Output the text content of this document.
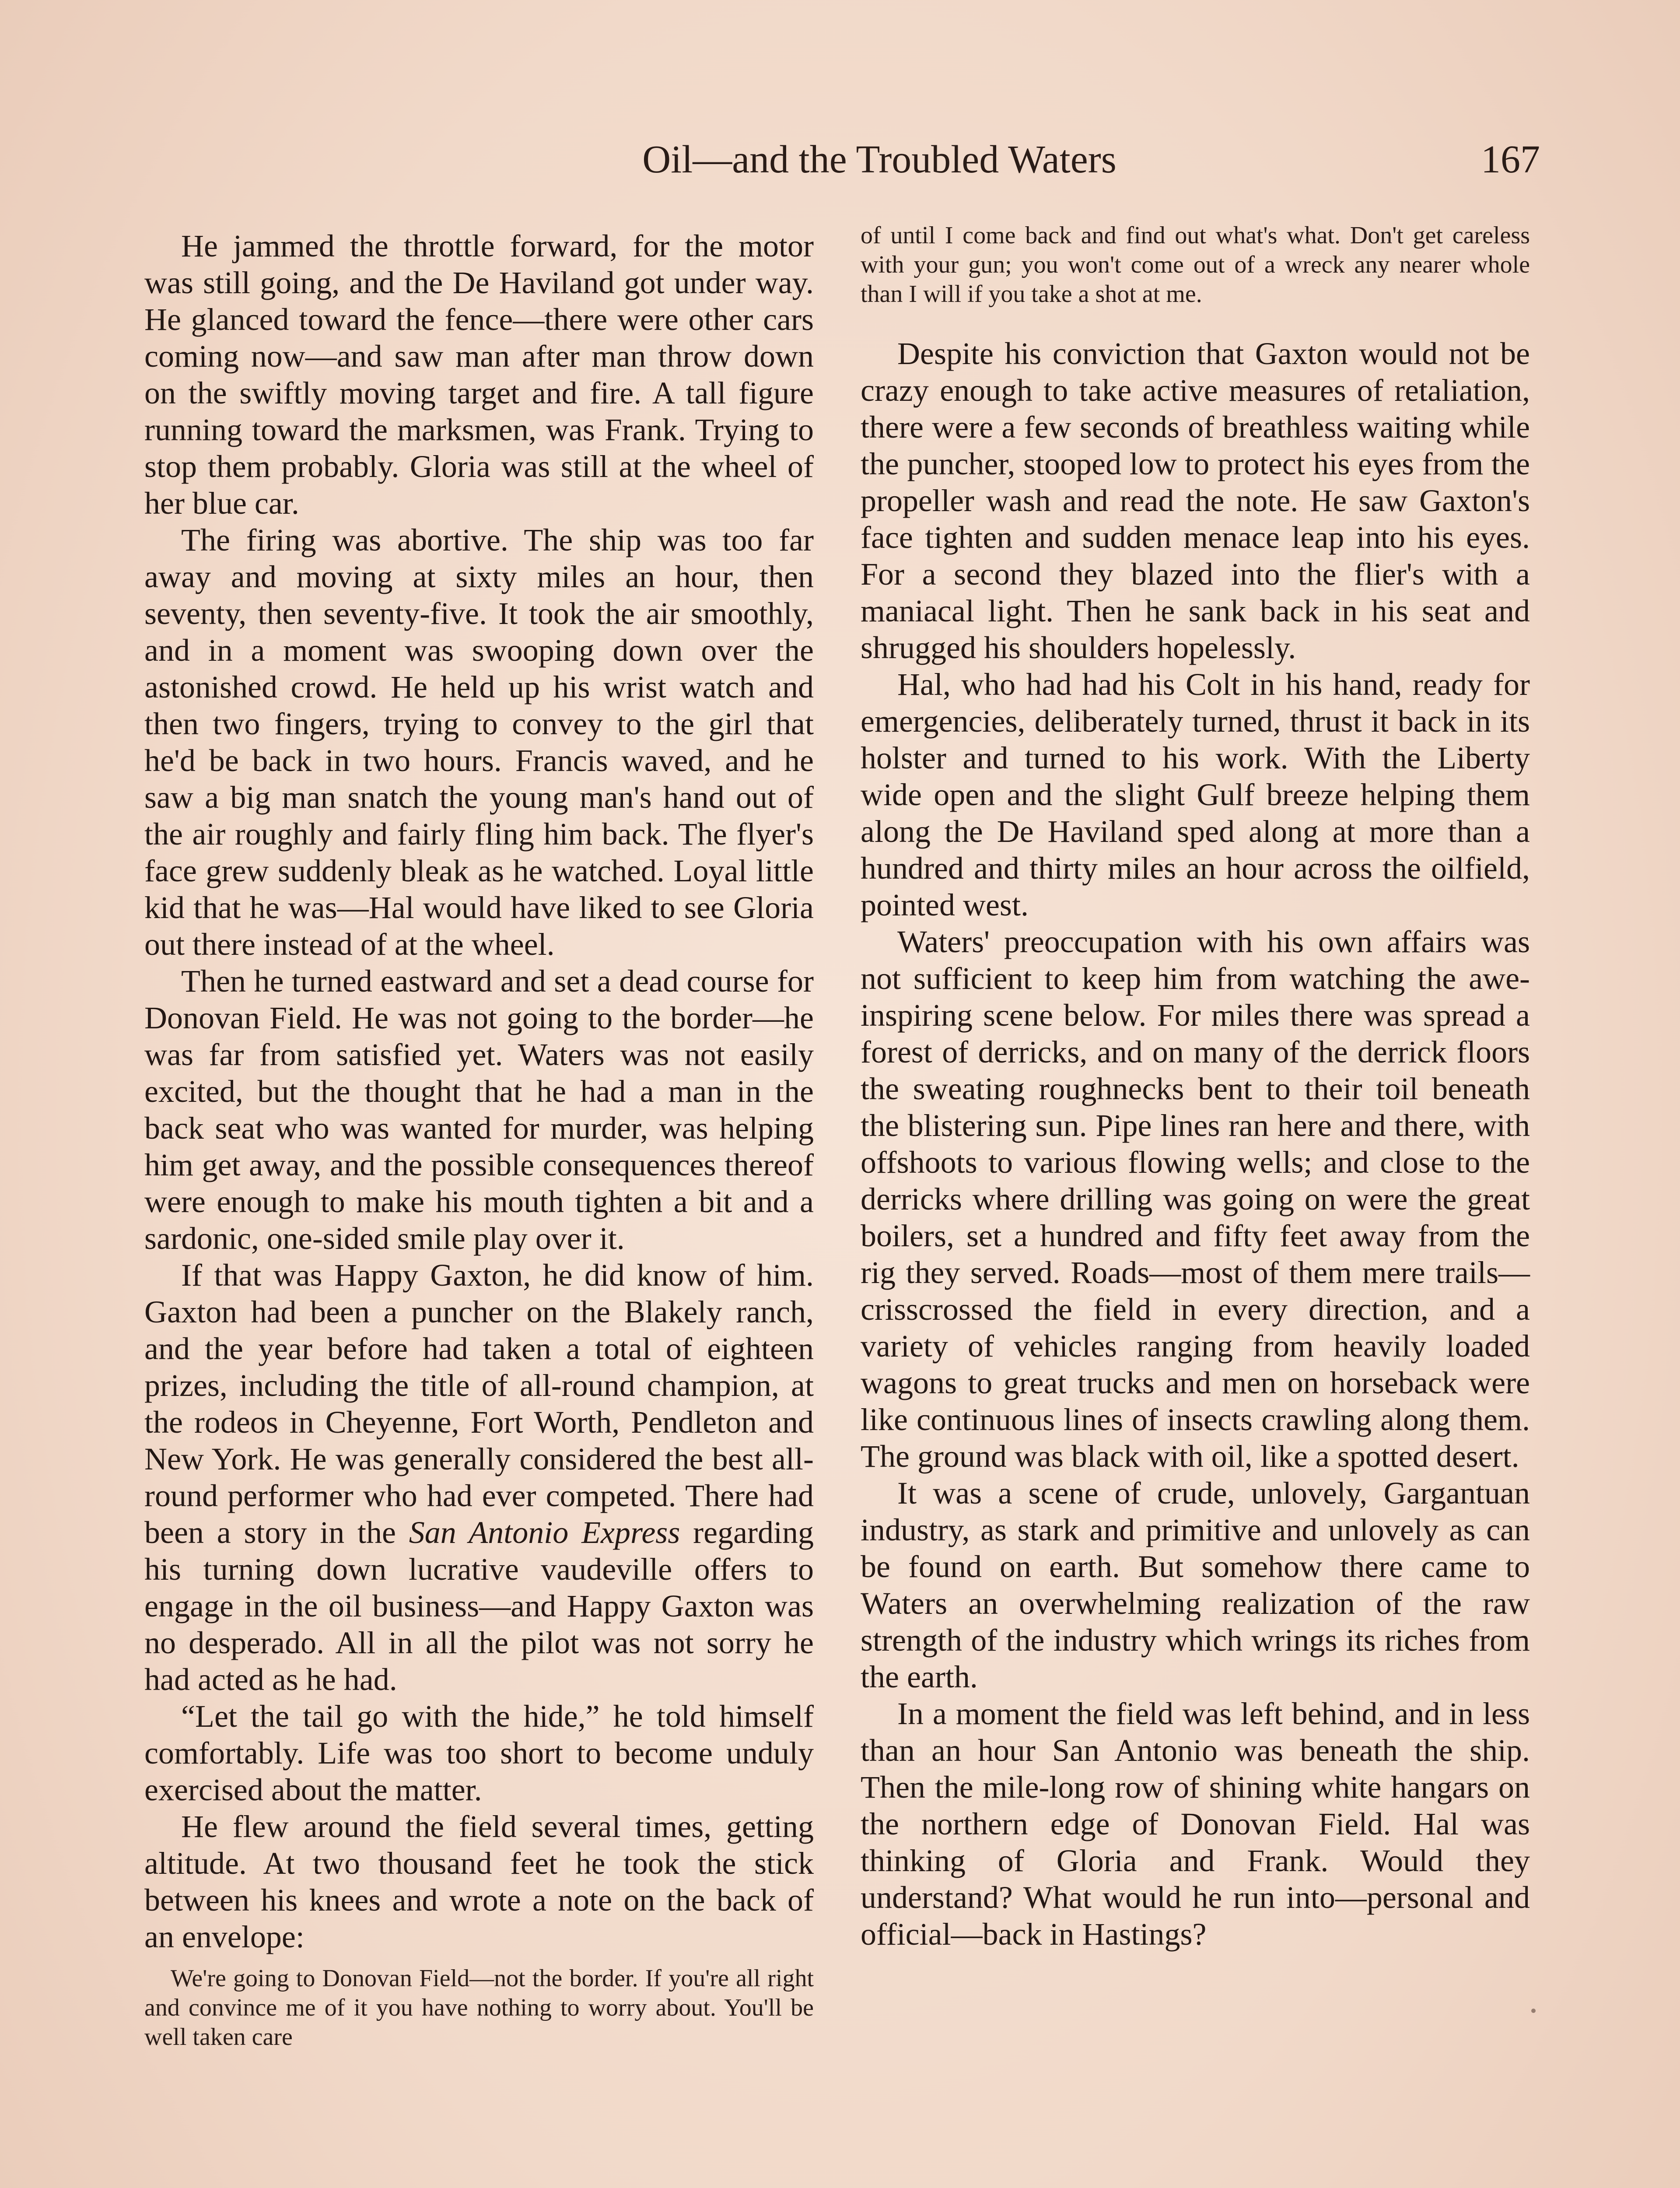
Oil—and the Troubled Waters	167

He jammed the throttle forward, for the motor was still going, and the De Haviland got under way. He glanced toward the fence—there were other cars coming now—and saw man after man throw down on the swiftly moving target and fire. A tall figure running toward the marksmen, was Frank. Trying to stop them probably. Gloria was still at the wheel of her blue car.

The firing was abortive. The ship was too far away and moving at sixty miles an hour, then seventy, then seventy-five. It took the air smoothly, and in a moment was swooping down over the astonished crowd. He held up his wrist watch and then two fingers, trying to convey to the girl that he'd be back in two hours. Francis waved, and he saw a big man snatch the young man's hand out of the air roughly and fairly fling him back. The flyer's face grew suddenly bleak as he watched. Loyal little kid that he was—Hal would have liked to see Gloria out there instead of at the wheel.

Then he turned eastward and set a dead course for Donovan Field. He was not going to the border—he was far from satisfied yet. Waters was not easily excited, but the thought that he had a man in the back seat who was wanted for murder, was helping him get away, and the possible consequences thereof were enough to make his mouth tighten a bit and a sardonic, one-sided smile play over it.

If that was Happy Gaxton, he did know of him. Gaxton had been a puncher on the Blakely ranch, and the year before had taken a total of eighteen prizes, including the title of all-round champion, at the rodeos in Cheyenne, Fort Worth, Pendleton and New York. He was generally considered the best all-round performer who had ever competed. There had been a story in the San Antonio Express regarding his turning down lucrative vaudeville offers to engage in the oil business—and Happy Gaxton was no desperado. All in all the pilot was not sorry he had acted as he had.

“Let the tail go with the hide,” he told himself comfortably. Life was too short to become unduly exercised about the matter.

He flew around the field several times, getting altitude. At two thousand feet he took the stick between his knees and wrote a note on the back of an envelope:

We're going to Donovan Field—not the border. If you're all right and convince me of it you have nothing to worry about. You'll be well taken care

of until I come back and find out what's what. Don't get careless with your gun; you won't come out of a wreck any nearer whole than I will if you take a shot at me.

Despite his conviction that Gaxton would not be crazy enough to take active measures of retaliation, there were a few seconds of breathless waiting while the puncher, stooped low to protect his eyes from the propeller wash and read the note. He saw Gaxton's face tighten and sudden menace leap into his eyes. For a second they blazed into the flier's with a maniacal light. Then he sank back in his seat and shrugged his shoulders hopelessly.

Hal, who had had his Colt in his hand, ready for emergencies, deliberately turned, thrust it back in its holster and turned to his work. With the Liberty wide open and the slight Gulf breeze helping them along the De Haviland sped along at more than a hundred and thirty miles an hour across the oilfield, pointed west.

Waters' preoccupation with his own affairs was not sufficient to keep him from watching the awe-inspiring scene below. For miles there was spread a forest of derricks, and on many of the derrick floors the sweating roughnecks bent to their toil beneath the blistering sun. Pipe lines ran here and there, with offshoots to various flowing wells; and close to the derricks where drilling was going on were the great boilers, set a hundred and fifty feet away from the rig they served. Roads—most of them mere trails—crisscrossed the field in every direction, and a variety of vehicles ranging from heavily loaded wagons to great trucks and men on horseback were like continuous lines of insects crawling along them. The ground was black with oil, like a spotted desert.

It was a scene of crude, unlovely, Gargantuan industry, as stark and primitive and unlovely as can be found on earth. But somehow there came to Waters an overwhelming realization of the raw strength of the industry which wrings its riches from the earth.

In a moment the field was left behind, and in less than an hour San Antonio was beneath the ship. Then the mile-long row of shining white hangars on the northern edge of Donovan Field. Hal was thinking of Gloria and Frank. Would they understand? What would he run into—personal and official—back in Hastings?
